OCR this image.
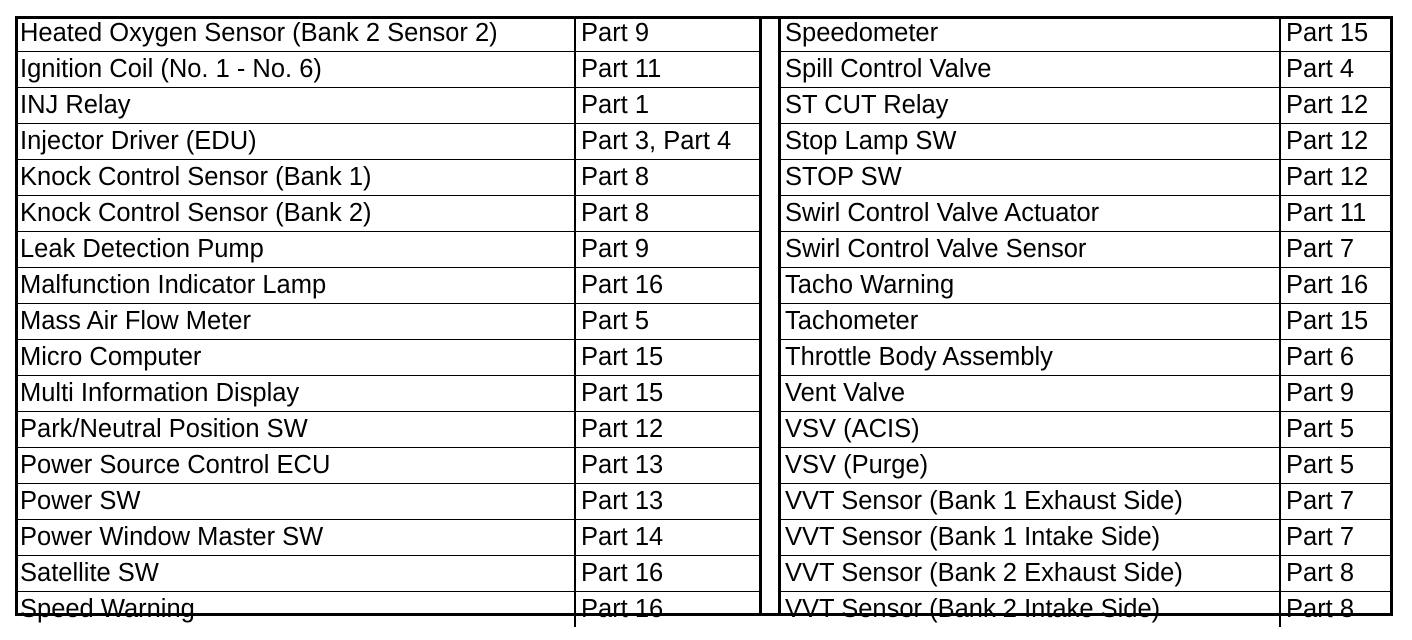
Heated Oxygen Sensor (Bank 2 Sensor 2)	Part 9
Ignition Coil (No. 1 - No. 6)	Part 11
INJ Relay	Part 1
Injector Driver (EDU)	Part 3, Part 4
Knock Control Sensor (Bank 1)	Part 8
Knock Control Sensor (Bank 2)	Part 8
Leak Detection Pump	Part 9
Malfunction Indicator Lamp	Part 16
Mass Air Flow Meter	Part 5
Micro Computer	Part 15
Multi Information Display	Part 15
Park/Neutral Position SW	Part 12
Power Source Control ECU	Part 13
Power SW	Part 13
Power Window Master SW	Part 14
Satellite SW	Part 16
Speed Warning	Part 16
Speedometer	Part 15
Spill Control Valve	Part 4
ST CUT Relay	Part 12
Stop Lamp SW	Part 12
STOP SW	Part 12
Swirl Control Valve Actuator	Part 11
Swirl Control Valve Sensor	Part 7
Tacho Warning	Part 16
Tachometer	Part 15
Throttle Body Assembly	Part 6
Vent Valve	Part 9
VSV (ACIS)	Part 5
VSV (Purge)	Part 5
VVT Sensor (Bank 1 Exhaust Side)	Part 7
VVT Sensor (Bank 1 Intake Side)	Part 7
VVT Sensor (Bank 2 Exhaust Side)	Part 8
VVT Sensor (Bank 2 Intake Side)	Part 8
